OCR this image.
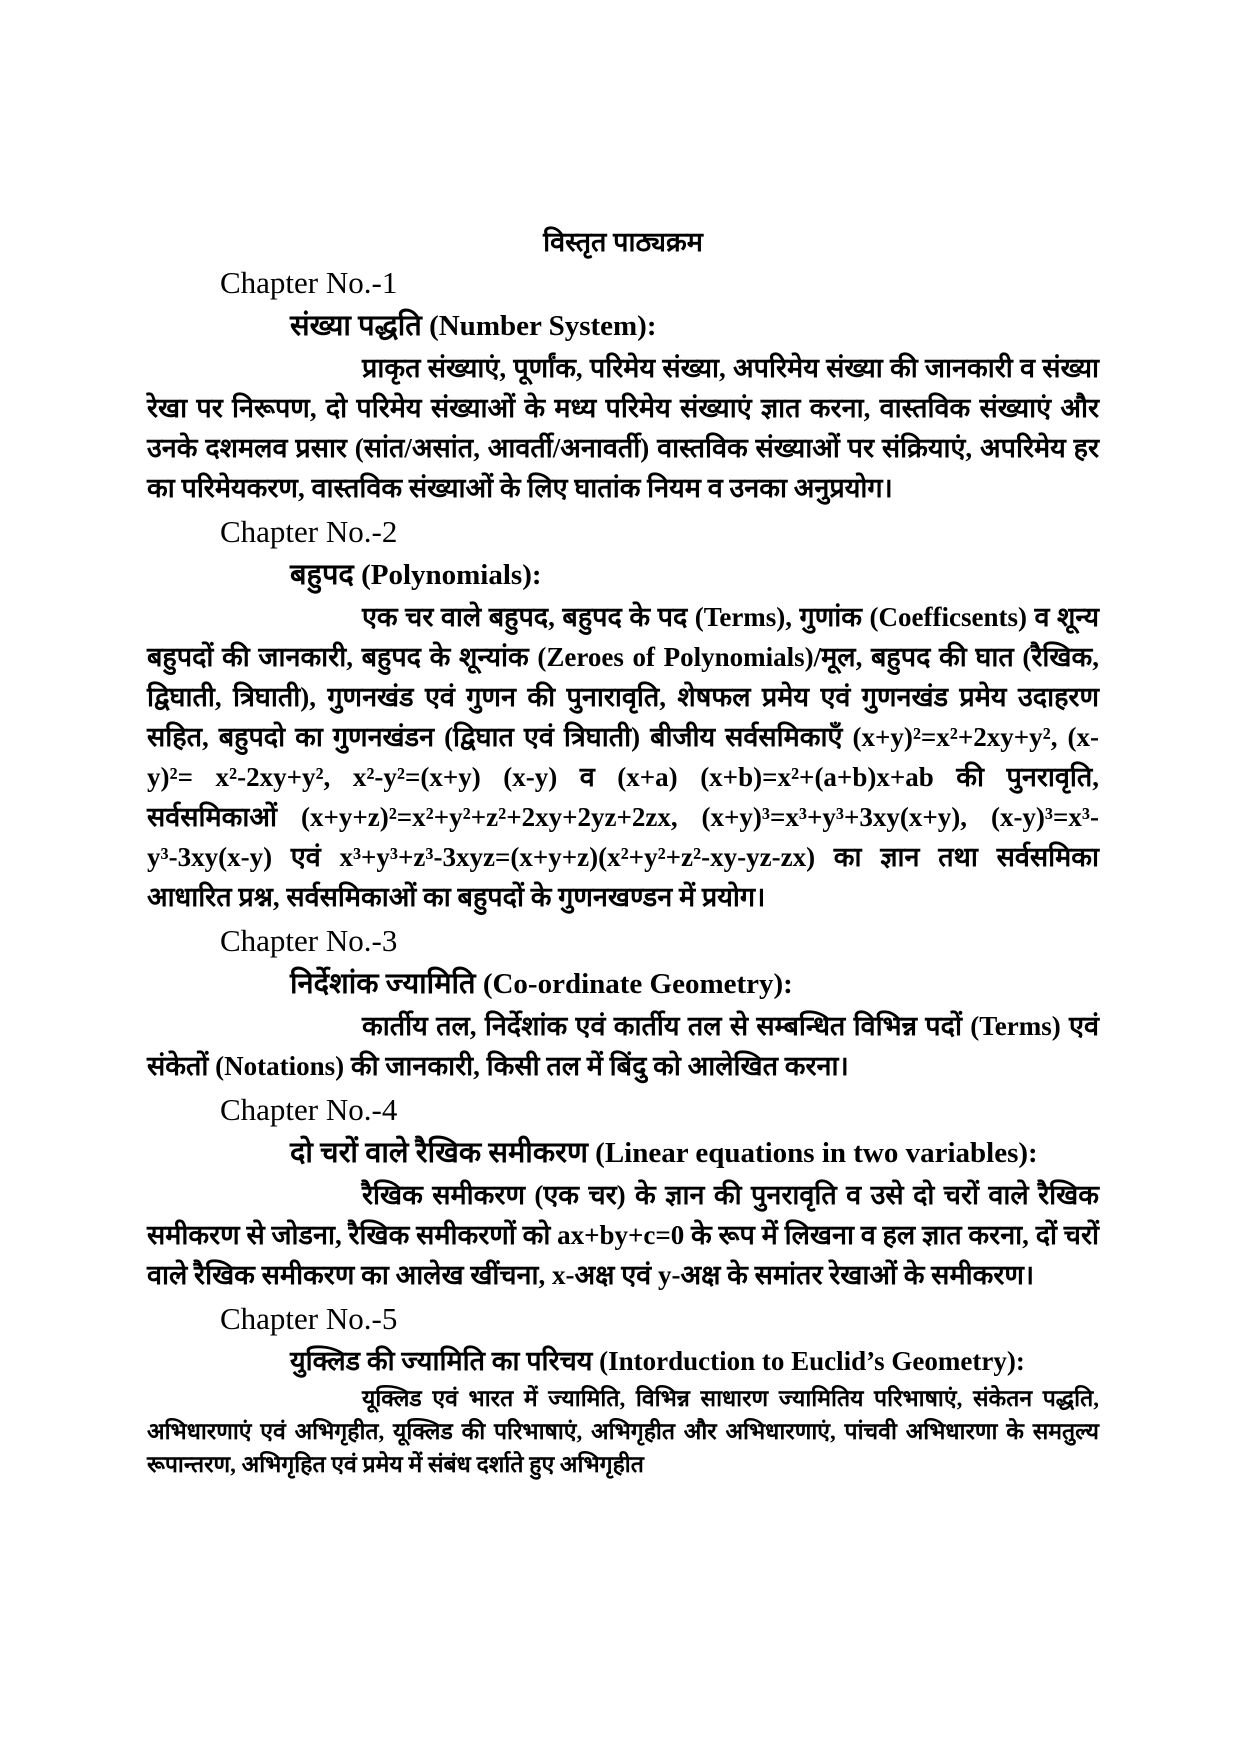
विस्तृत पाठ्यक्रम
Chapter No.-1
संख्या पद्धति (Number System):
प्राकृत संख्याएं, पूर्णांक, परिमेय संख्या, अपरिमेय संख्या की जानकारी व संख्या रेखा पर निरूपण, दो परिमेय संख्याओं के मध्य परिमेय संख्याएं ज्ञात करना, वास्तविक संख्याएं और उनके दशमलव प्रसार (सांत/असांत, आवर्ती/अनावर्ती) वास्तविक संख्याओं पर संक्रियाएं, अपरिमेय हर का परिमेयकरण, वास्तविक संख्याओं के लिए घातांक नियम व उनका अनुप्रयोग।
Chapter No.-2
बहुपद (Polynomials):
एक चर वाले बहुपद, बहुपद के पद (Terms), गुणांक (Coefficsents) व शून्य बहुपदों की जानकारी, बहुपद के शून्यांक (Zeroes of Polynomials)/मूल, बहुपद की घात (रैखिक, द्विघाती, त्रिघाती), गुणनखंड एवं गुणन की पुनारावृति, शेषफल प्रमेय एवं गुणनखंड प्रमेय उदाहरण सहित, बहुपदो का गुणनखंडन (द्विघात एवं त्रिघाती) बीजीय सर्वसमिकाएँ (x+y)²=x²+2xy+y², (x-y)²= x²-2xy+y², x²-y²=(x+y) (x-y) व (x+a) (x+b)=x²+(a+b)x+ab की पुनरावृति, सर्वसमिकाओं (x+y+z)²=x²+y²+z²+2xy+2yz+2zx, (x+y)³=x³+y³+3xy(x+y), (x-y)³=x³-y³-3xy(x-y) एवं x³+y³+z³-3xyz=(x+y+z)(x²+y²+z²-xy-yz-zx) का ज्ञान तथा सर्वसमिका आधारित प्रश्न, सर्वसमिकाओं का बहुपदों के गुणनखण्डन में प्रयोग।
Chapter No.-3
निर्देशांक ज्यामिति (Co-ordinate Geometry):
कार्तीय तल, निर्देशांक एवं कार्तीय तल से सम्बन्धित विभिन्न पदों (Terms) एवं संकेतों (Notations) की जानकारी, किसी तल में बिंदु को आलेखित करना।
Chapter No.-4
दो चरों वाले रैखिक समीकरण (Linear equations in two variables):
रैखिक समीकरण (एक चर) के ज्ञान की पुनरावृति व उसे दो चरों वाले रैखिक समीकरण से जोडना, रैखिक समीकरणों को ax+by+c=0 के रूप में लिखना व हल ज्ञात करना, दों चरों वाले रैखिक समीकरण का आलेख खींचना, x-अक्ष एवं y-अक्ष के समांतर रेखाओं के समीकरण।
Chapter No.-5
युक्लिड की ज्यामिति का परिचय (Intorduction to Euclid’s Geometry):
यूक्लिड एवं भारत में ज्यामिति, विभिन्न साधारण ज्यामितिय परिभाषाएं, संकेतन पद्धति, अभिधारणाएं एवं अभिगृहीत, यूक्लिड की परिभाषाएं, अभिगृहीत और अभिधारणाएं, पांचवी अभिधारणा के समतुल्य रूपान्तरण, अभिगृहित एवं प्रमेय में संबंध दर्शाते हुए अभिगृहीत
